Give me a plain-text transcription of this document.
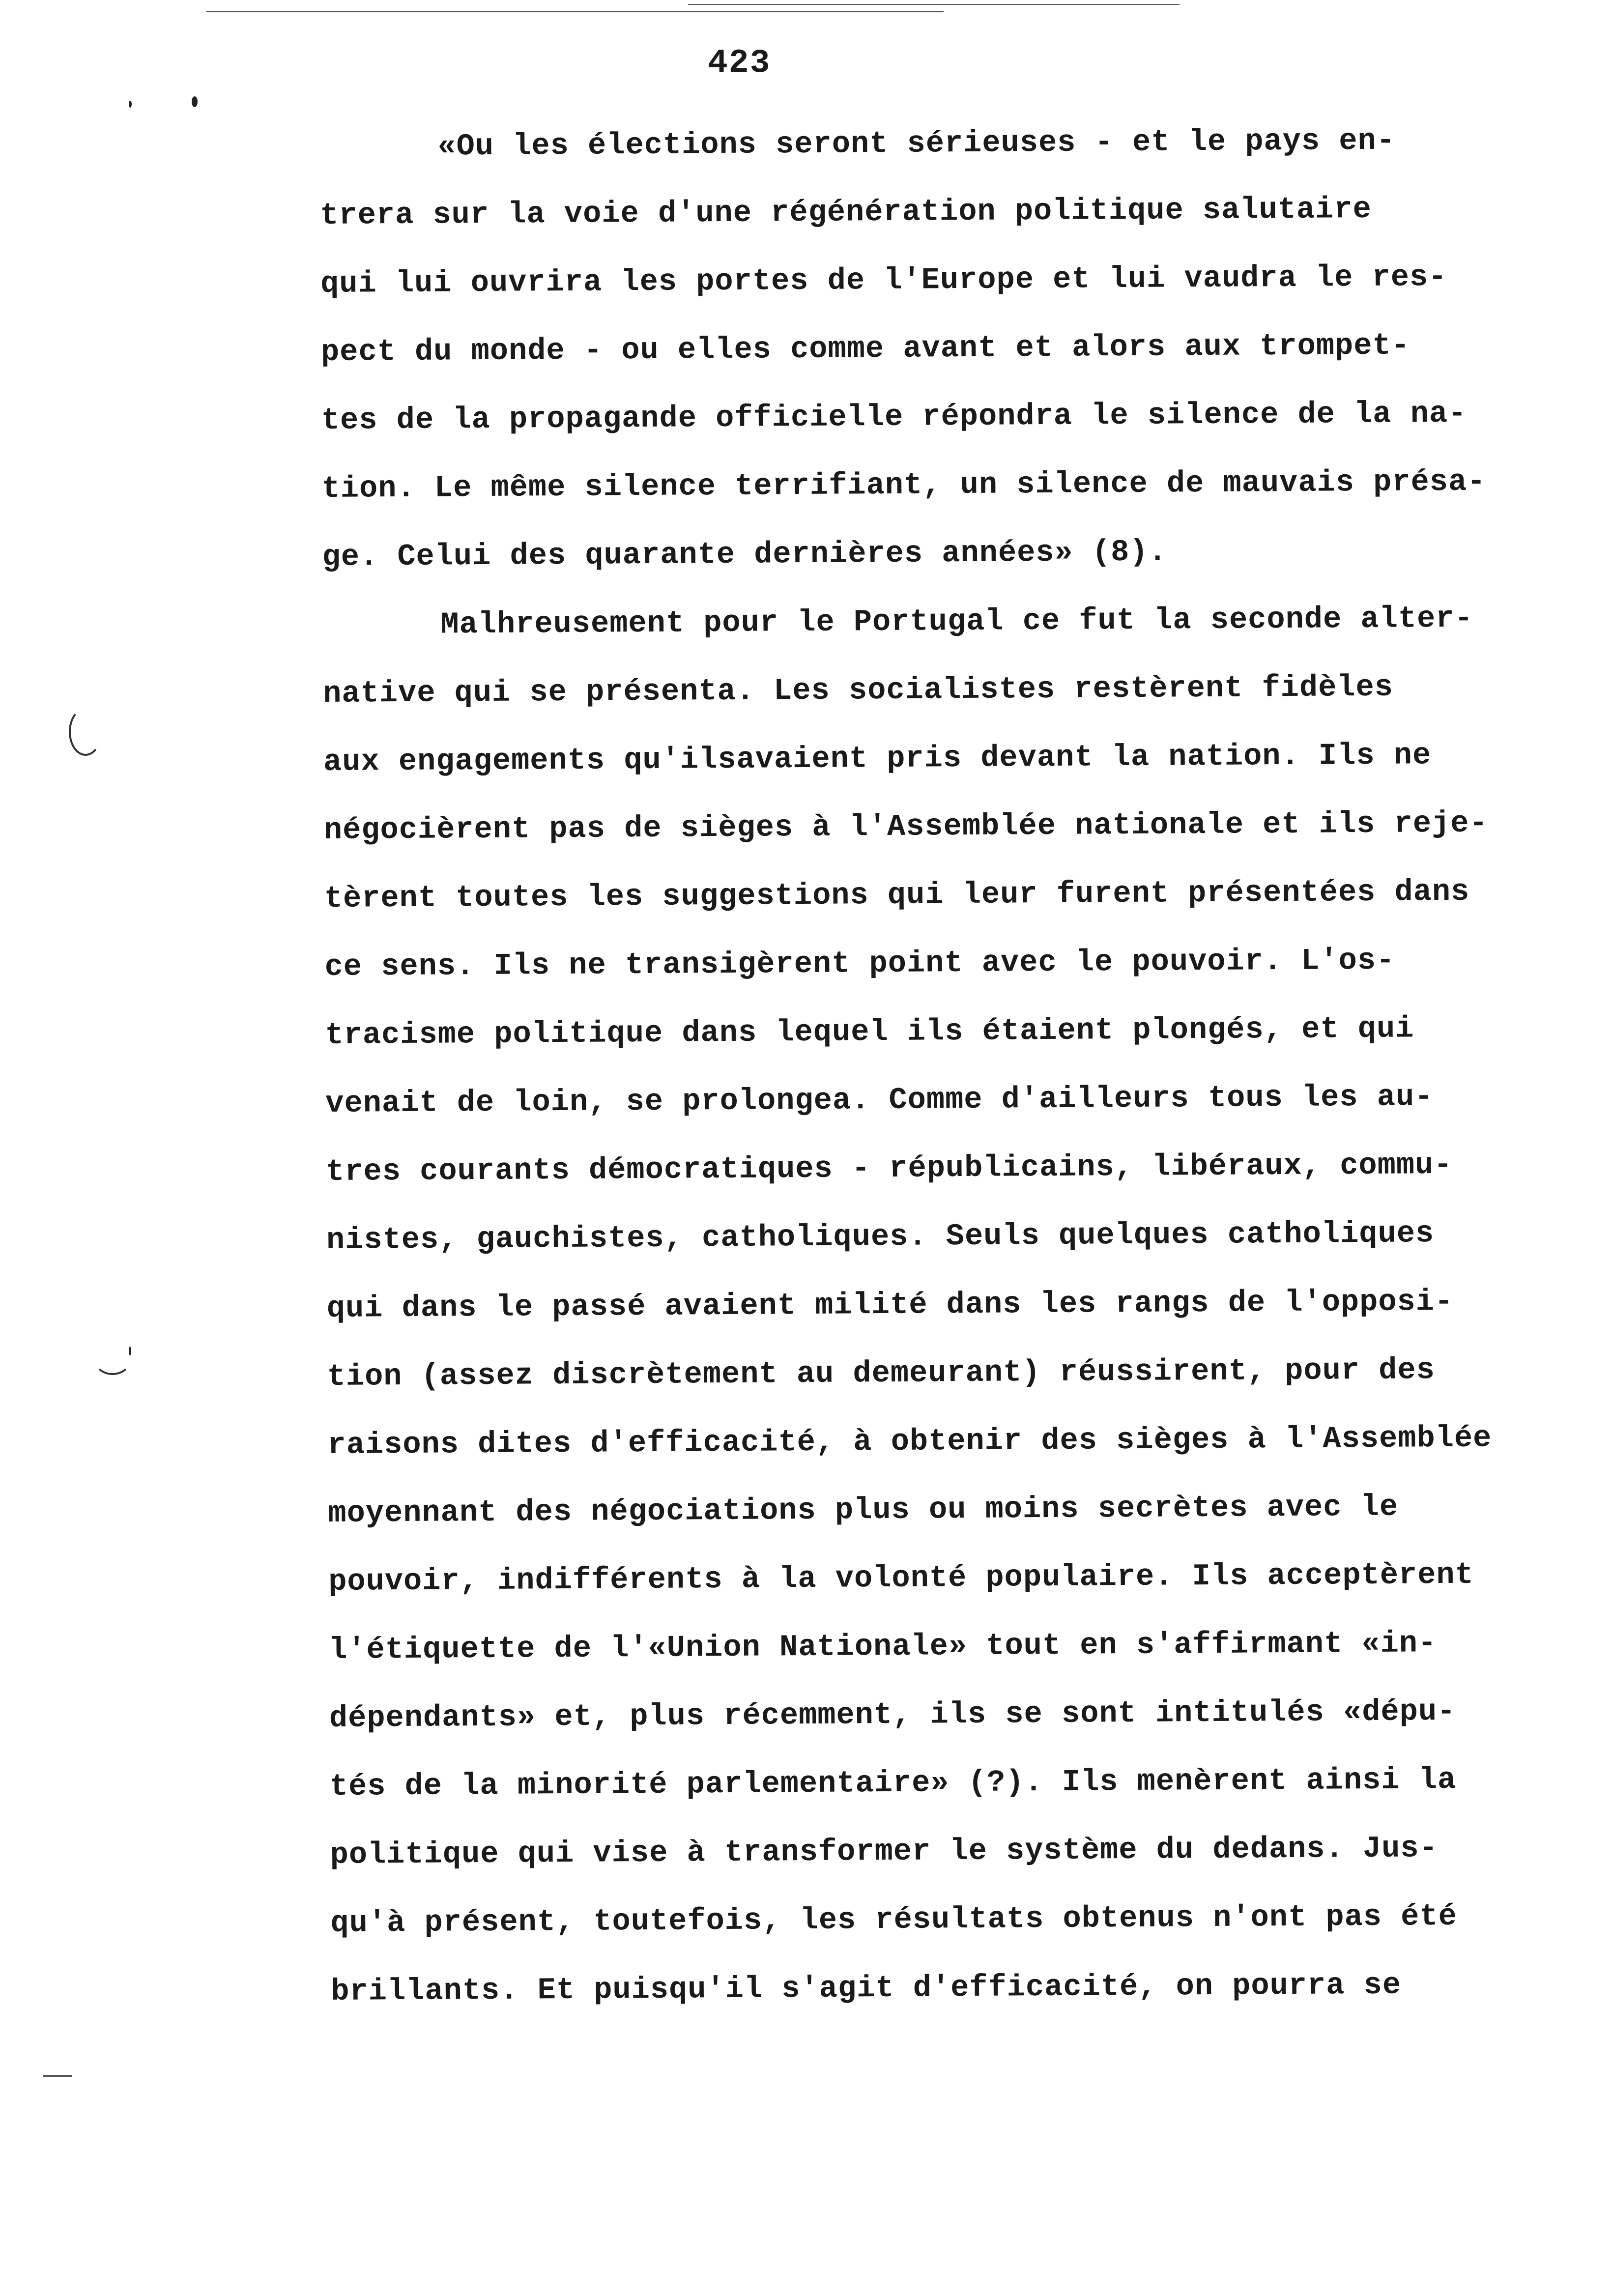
423
«Ou les élections seront sérieuses - et le pays en-
trera sur la voie d'une régénération politique salutaire
qui lui ouvrira les portes de l'Europe et lui vaudra le res-
pect du monde - ou elles comme avant et alors aux trompet-
tes de la propagande officielle répondra le silence de la na-
tion. Le même silence terrifiant, un silence de mauvais présa-
ge. Celui des quarante dernières années» (8).
Malhreusement pour le Portugal ce fut la seconde alter-
native qui se présenta. Les socialistes restèrent fidèles
aux engagements qu'ilsavaient pris devant la nation. Ils ne
négocièrent pas de sièges à l'Assemblée nationale et ils reje-
tèrent toutes les suggestions qui leur furent présentées dans
ce sens. Ils ne transigèrent point avec le pouvoir. L'os-
tracisme politique dans lequel ils étaient plongés, et qui
venait de loin, se prolongea. Comme d'ailleurs tous les au-
tres courants démocratiques - républicains, libéraux, commu-
nistes, gauchistes, catholiques. Seuls quelques catholiques
qui dans le passé avaient milité dans les rangs de l'opposi-
tion (assez discrètement au demeurant) réussirent, pour des
raisons dites d'efficacité, à obtenir des sièges à l'Assemblée
moyennant des négociations plus ou moins secrètes avec le
pouvoir, indifférents à la volonté populaire. Ils acceptèrent
l'étiquette de l'«Union Nationale» tout en s'affirmant «in-
dépendants» et, plus récemment, ils se sont intitulés «dépu-
tés de la minorité parlementaire» (?). Ils menèrent ainsi la
politique qui vise à transformer le système du dedans. Jus-
qu'à présent, toutefois, les résultats obtenus n'ont pas été
brillants. Et puisqu'il s'agit d'efficacité, on pourra se
